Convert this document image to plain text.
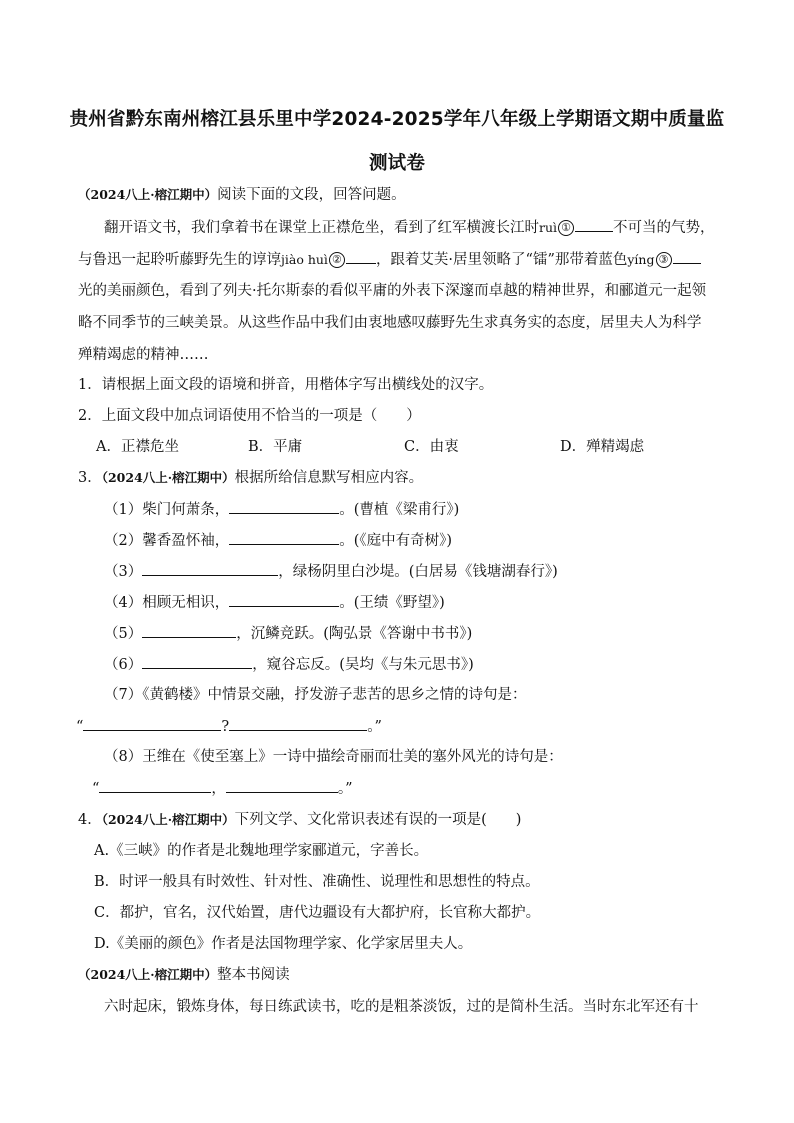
贵州省黔东南州榕江县乐里中学2024-2025学年八年级上学期语文期中质量监
测试卷
（2024八上·榕江期中）阅读下面的文段，回答问题。
翻开语文书，我们拿着书在课堂上正襟危坐，看到了红军横渡长江时ruì ①	不可当的气势，
与鲁迅一起聆听藤野先生的谆谆jiào huì ② ，跟着艾芙·居里领略了“镭”那带着蓝色yíng ③
光的美丽颜色，看到了列夫·托尔斯泰的看似平庸的外表下深邃而卓越的精神世界，和郦道元一起领
略不同季节的三峡美景。从这些作品中我们由衷地感叹藤野先生求真务实的态度，居里夫人为科学
殚精竭虑的精神……
1．请根据上面文段的语境和拼音，用楷体字写出横线处的汉字。
2．上面文段中加点词语使用不恰当的一项是（　　）
A．正襟危坐	B．平庸	C．由衷	D．殚精竭虑
3．（2024八上·榕江期中）根据所给信息默写相应内容。
（1）柴门何萧条，	。(曹植《梁甫行》)
（2）馨香盈怀袖，	。(《庭中有奇树》)
（3）	，绿杨阴里白沙堤。(白居易《钱塘湖春行》)
（4）相顾无相识，	。(王绩《野望》)
（5）	，沉鳞竞跃。(陶弘景《答谢中书书》)
（6）	，窥谷忘反。(吴均《与朱元思书》)
（7）《黄鹤楼》中情景交融，抒发游子悲苦的思乡之情的诗句是：
“	?	。”
（8）王维在《使至塞上》一诗中描绘奇丽而壮美的塞外风光的诗句是：
“	，	。”
4．（2024八上·榕江期中）下列文学、文化常识表述有误的一项是(　　)
A.《三峡》的作者是北魏地理学家郦道元，字善长。
B．时评一般具有时效性、针对性、准确性、说理性和思想性的特点。
C．都护，官名，汉代始置，唐代边疆设有大都护府，长官称大都护。
D.《美丽的颜色》作者是法国物理学家、化学家居里夫人。
（2024八上·榕江期中）整本书阅读
六时起床，锻炼身体，每日练武读书，吃的是粗茶淡饭，过的是简朴生活。当时东北军还有十
